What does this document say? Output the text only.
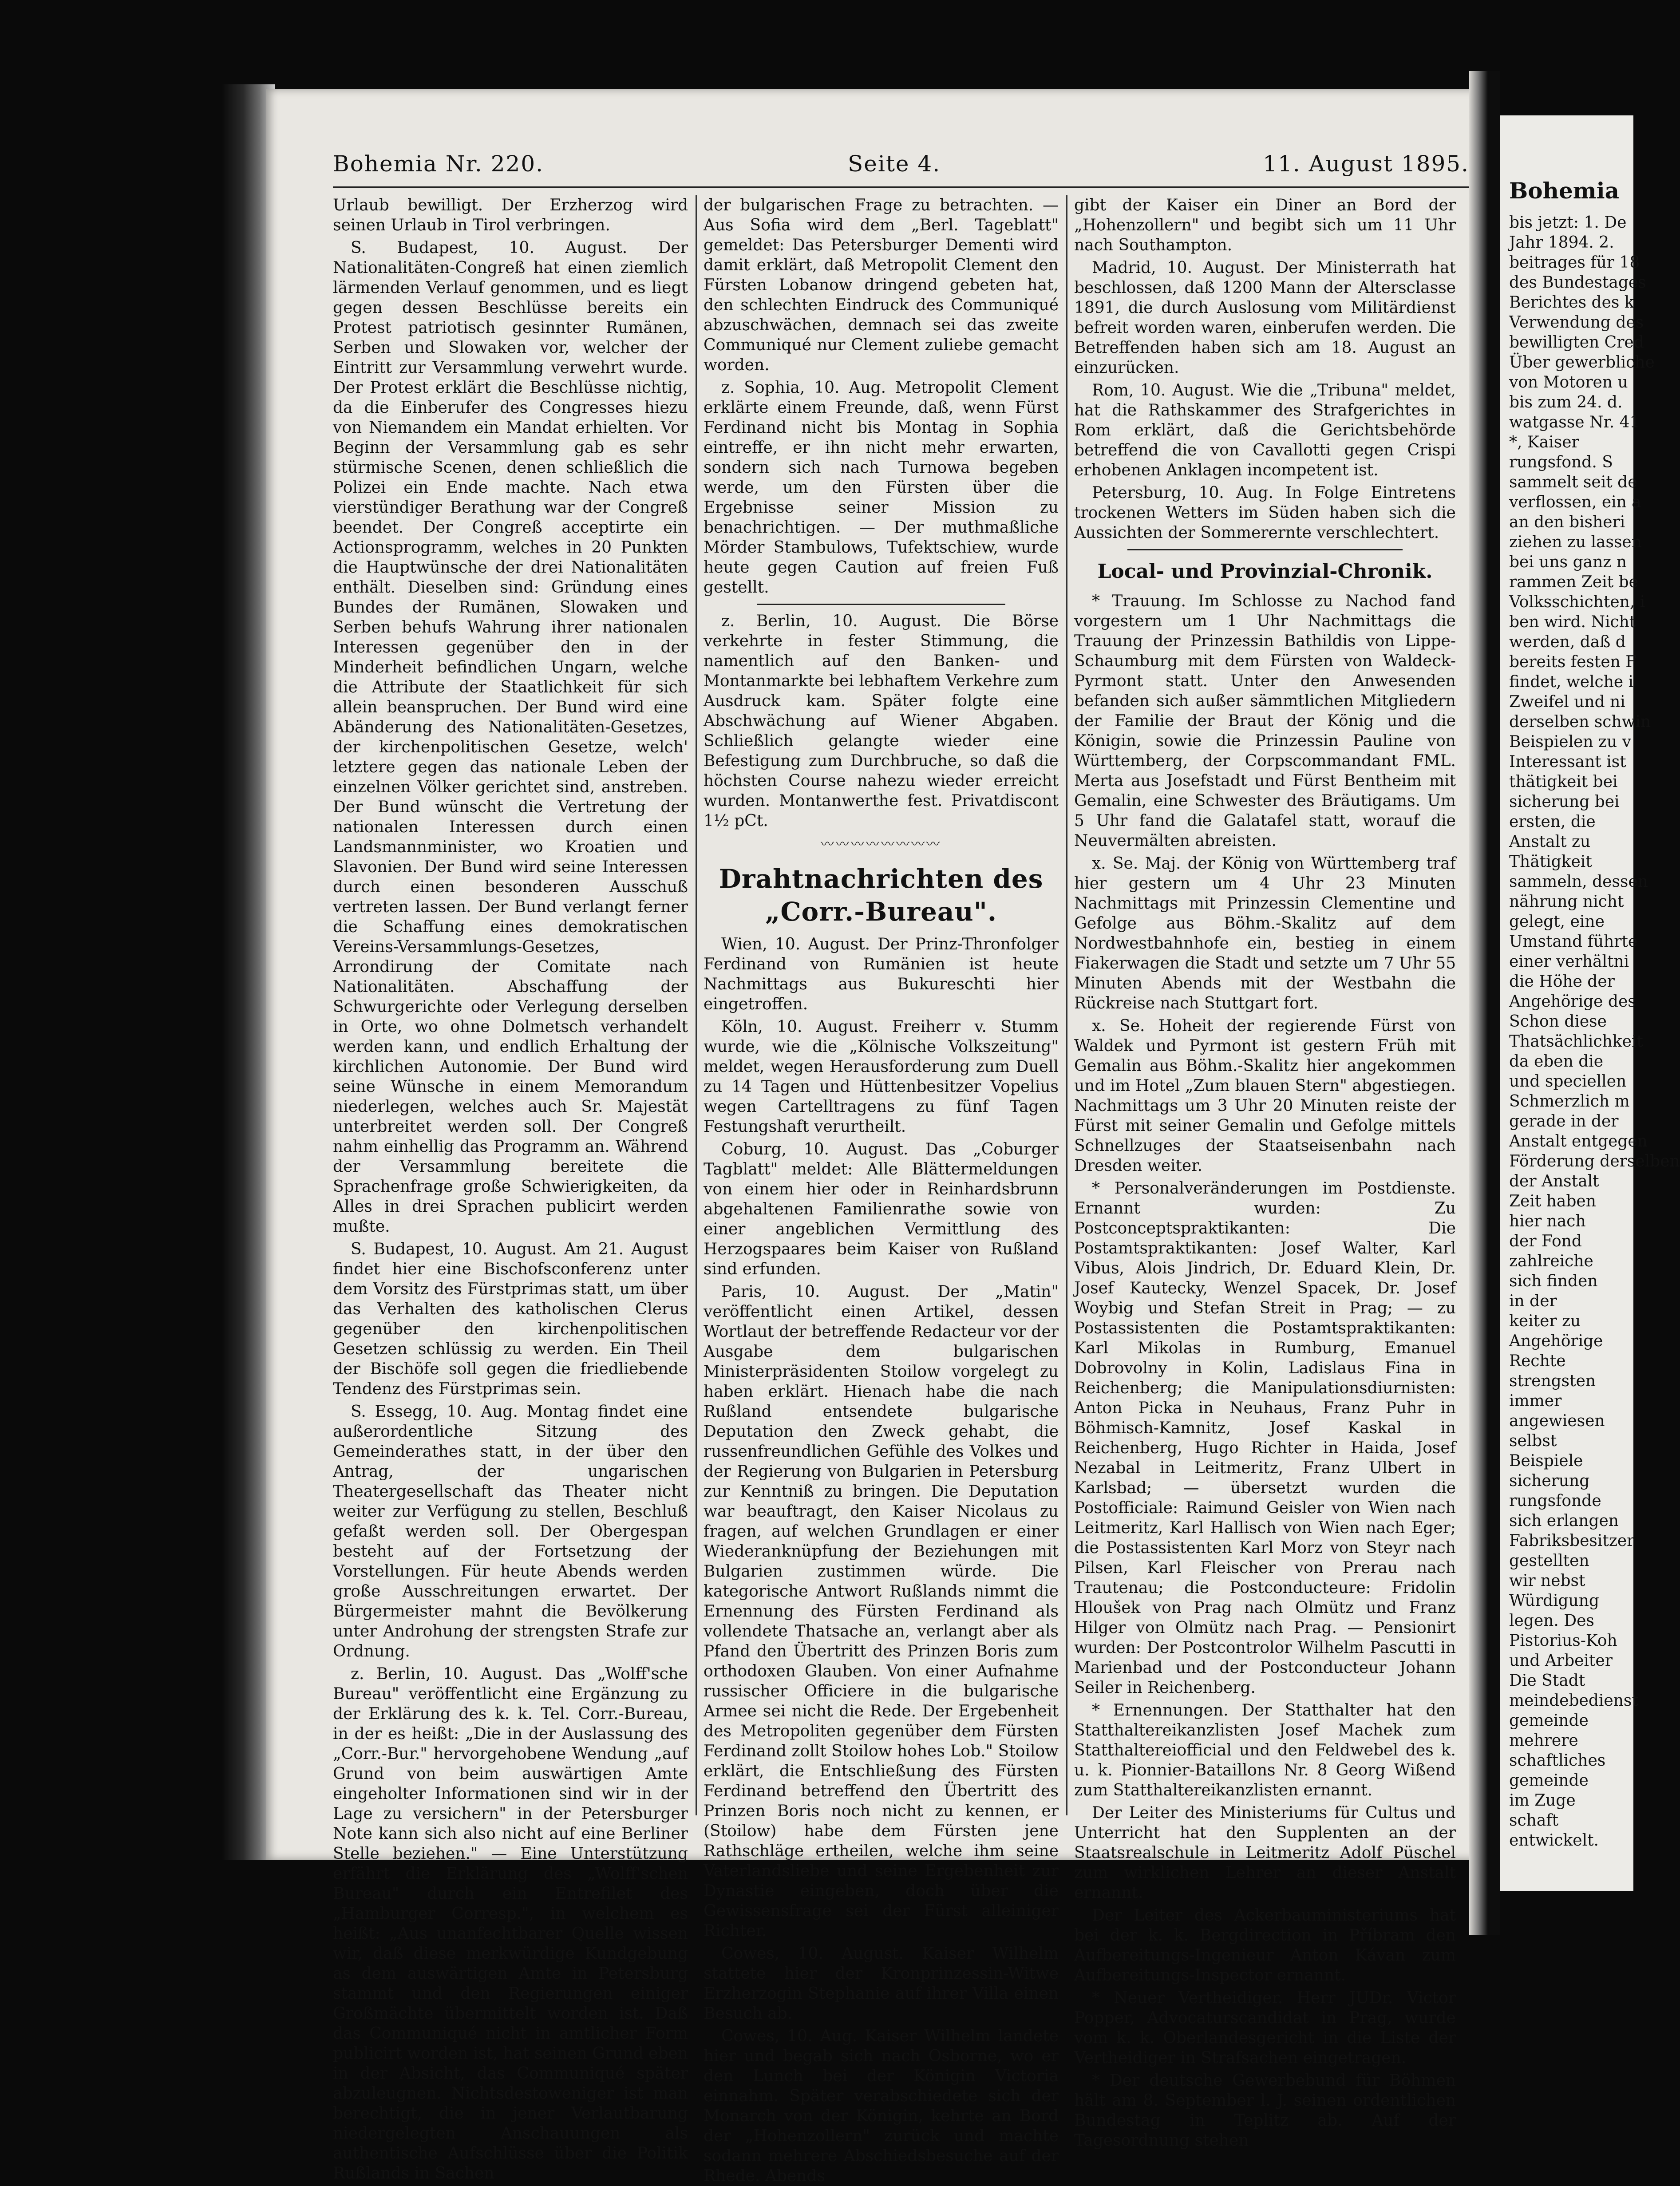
Bohemia Nr. 220.	Seite 4.	11. August 1895.

Urlaub bewilligt. Der Erzherzog wird seinen Urlaub in Tirol verbringen.

S. Budapest, 10. August. Der Nationalitäten-Congreß hat einen ziemlich lärmenden Verlauf genommen, und es liegt gegen dessen Beschlüsse bereits ein Protest patriotisch gesinnter Rumänen, Serben und Slowaken vor, welcher der Eintritt zur Versammlung verwehrt wurde. Der Protest erklärt die Beschlüsse nichtig, da die Einberufer des Congresses hiezu von Niemandem ein Mandat erhielten. Vor Beginn der Versammlung gab es sehr stürmische Scenen, denen schließlich die Polizei ein Ende machte. Nach etwa vierstündiger Berathung war der Congreß beendet. Der Congreß acceptirte ein Actionsprogramm, welches in 20 Punkten die Hauptwünsche der drei Nationalitäten enthält. Dieselben sind: Gründung eines Bundes der Rumänen, Slowaken und Serben behufs Wahrung ihrer nationalen Interessen gegenüber den in der Minderheit befindlichen Ungarn, welche die Attribute der Staatlichkeit für sich allein beanspruchen. Der Bund wird eine Abänderung des Nationalitäten-Gesetzes, der kirchenpolitischen Gesetze, welch' letztere gegen das nationale Leben der einzelnen Völker gerichtet sind, anstreben. Der Bund wünscht die Vertretung der nationalen Interessen durch einen Landsmannminister, wo Kroatien und Slavonien. Der Bund wird seine Interessen durch einen besonderen Ausschuß vertreten lassen. Der Bund verlangt ferner die Schaffung eines demokratischen Vereins-Versammlungs-Gesetzes, Arrondirung der Comitate nach Nationalitäten. Abschaffung der Schwurgerichte oder Verlegung derselben in Orte, wo ohne Dolmetsch verhandelt werden kann, und endlich Erhaltung der kirchlichen Autonomie. Der Bund wird seine Wünsche in einem Memorandum niederlegen, welches auch Sr. Majestät unterbreitet werden soll. Der Congreß nahm einhellig das Programm an. Während der Versammlung bereitete die Sprachenfrage große Schwierigkeiten, da Alles in drei Sprachen publicirt werden mußte.

S. Budapest, 10. August. Am 21. August findet hier eine Bischofsconferenz unter dem Vorsitz des Fürstprimas statt, um über das Verhalten des katholischen Clerus gegenüber den kirchenpolitischen Gesetzen schlüssig zu werden. Ein Theil der Bischöfe soll gegen die friedliebende Tendenz des Fürstprimas sein.

S. Essegg, 10. Aug. Montag findet eine außerordentliche Sitzung des Gemeinderathes statt, in der über den Antrag, der ungarischen Theatergesellschaft das Theater nicht weiter zur Verfügung zu stellen, Beschluß gefaßt werden soll. Der Obergespan besteht auf der Fortsetzung der Vorstellungen. Für heute Abends werden große Ausschreitungen erwartet. Der Bürgermeister mahnt die Bevölkerung unter Androhung der strengsten Strafe zur Ordnung.

z. Berlin, 10. August. Das „Wolff'sche Bureau" veröffentlicht eine Ergänzung zu der Erklärung des k. k. Tel. Corr.-Bureau, in der es heißt: „Die in der Auslassung des „Corr.-Bur." hervorgehobene Wendung „auf Grund von beim auswärtigen Amte eingeholter Informationen sind wir in der Lage zu versichern" in der Petersburger Note kann sich also nicht auf eine Berliner Stelle beziehen." — Eine Unterstützung erfährt die Erklärung des „Wolff'schen Bureau" durch ein Entrefilet des „Hamburger Corresp.", in welchem es heißt: „Aus unanfechtbarer Quelle wissen wir, daß diese merkwürdige Kundgebung as dem auswärtigen Amte in Petersburg stammt und den Regierungen einiger Großmächte übermittelt worden ist. Daß das Communiqué nicht in amtlicher Form publicirt worden ist, hat seinen Grund eben in der Absicht, das Communiqué später abzuleugnen. Nichtsdestoweniger ist man berechtigt, die in jener Verlautbarung niedergelegten Anschauungen als authentische Aufschlüsse über die Politik Rußlands in Sachen

der bulgarischen Frage zu betrachten. — Aus Sofia wird dem „Berl. Tageblatt" gemeldet: Das Petersburger Dementi wird damit erklärt, daß Metropolit Clement den Fürsten Lobanow dringend gebeten hat, den schlechten Eindruck des Communiqué abzuschwächen, demnach sei das zweite Communiqué nur Clement zuliebe gemacht worden.

z. Sophia, 10. Aug. Metropolit Clement erklärte einem Freunde, daß, wenn Fürst Ferdinand nicht bis Montag in Sophia eintreffe, er ihn nicht mehr erwarten, sondern sich nach Turnowa begeben werde, um den Fürsten über die Ergebnisse seiner Mission zu benachrichtigen. — Der muthmaßliche Mörder Stambulows, Tufektschiew, wurde heute gegen Caution auf freien Fuß gestellt.

z. Berlin, 10. August. Die Börse verkehrte in fester Stimmung, die namentlich auf den Banken- und Montanmarkte bei lebhaftem Verkehre zum Ausdruck kam. Später folgte eine Abschwächung auf Wiener Abgaben. Schließlich gelangte wieder eine Befestigung zum Durchbruche, so daß die höchsten Course nahezu wieder erreicht wurden. Montanwerthe fest. Privatdiscont 1½ pCt.

〰〰〰〰〰〰〰〰
Drahtnachrichten des „Corr.-Bureau".

Wien, 10. August. Der Prinz-Thronfolger Ferdinand von Rumänien ist heute Nachmittags aus Bukureschti hier eingetroffen.

Köln, 10. August. Freiherr v. Stumm wurde, wie die „Kölnische Volkszeitung" meldet, wegen Herausforderung zum Duell zu 14 Tagen und Hüttenbesitzer Vopelius wegen Cartelltragens zu fünf Tagen Festungshaft verurtheilt.

Coburg, 10. August. Das „Coburger Tagblatt" meldet: Alle Blättermeldungen von einem hier oder in Reinhardsbrunn abgehaltenen Familienrathe sowie von einer angeblichen Vermittlung des Herzogspaares beim Kaiser von Rußland sind erfunden.

Paris, 10. August. Der „Matin" veröffentlicht einen Artikel, dessen Wortlaut der betreffende Redacteur vor der Ausgabe dem bulgarischen Ministerpräsidenten Stoilow vorgelegt zu haben erklärt. Hienach habe die nach Rußland entsendete bulgarische Deputation den Zweck gehabt, die russenfreundlichen Gefühle des Volkes und der Regierung von Bulgarien in Petersburg zur Kenntniß zu bringen. Die Deputation war beauftragt, den Kaiser Nicolaus zu fragen, auf welchen Grundlagen er einer Wiederanknüpfung der Beziehungen mit Bulgarien zustimmen würde. Die kategorische Antwort Rußlands nimmt die Ernennung des Fürsten Ferdinand als vollendete Thatsache an, verlangt aber als Pfand den Übertritt des Prinzen Boris zum orthodoxen Glauben. Von einer Aufnahme russischer Officiere in die bulgarische Armee sei nicht die Rede. Der Ergebenheit des Metropoliten gegenüber dem Fürsten Ferdinand zollt Stoilow hohes Lob." Stoilow erklärt, die Entschließung des Fürsten Ferdinand betreffend den Übertritt des Prinzen Boris noch nicht zu kennen, er (Stoilow) habe dem Fürsten jene Rathschläge ertheilen, welche ihm seine Vaterlandsliebe und seine Ergebenheit zur Dynastie eingeben, doch über die Gewissensfrage sei der Fürst alleiniger Richter.

Cowes, 10. August. Kaiser Wilhelm stattete hier der Kronprinzessin-Witwe Erzherzogin Stephanie auf ihrer Villa einen Besuch ab.

Cowes, 10. Aug. Kaiser Wilhelm landete hier und begab sich nach Osborne, wo er den Lunch bei der Königin Victoria einnahm. Später verabschiedete sich der Monarch von der Königin, kehrte an Bord der „Hohenzollern" zurück und machte sodann mehrere Abschiedsbesuche auf der Rhede. Abends

gibt der Kaiser ein Diner an Bord der „Hohenzollern" und begibt sich um 11 Uhr nach Southampton.

Madrid, 10. August. Der Ministerrath hat beschlossen, daß 1200 Mann der Altersclasse 1891, die durch Auslosung vom Militärdienst befreit worden waren, einberufen werden. Die Betreffenden haben sich am 18. August an einzurücken.

Rom, 10. August. Wie die „Tribuna" meldet, hat die Rathskammer des Strafgerichtes in Rom erklärt, daß die Gerichtsbehörde betreffend die von Cavallotti gegen Crispi erhobenen Anklagen incompetent ist.

Petersburg, 10. Aug. In Folge Eintretens trockenen Wetters im Süden haben sich die Aussichten der Sommerernte verschlechtert.

Local- und Provinzial-Chronik.

* Trauung. Im Schlosse zu Nachod fand vorgestern um 1 Uhr Nachmittags die Trauung der Prinzessin Bathildis von Lippe-Schaumburg mit dem Fürsten von Waldeck-Pyrmont statt. Unter den Anwesenden befanden sich außer sämmtlichen Mitgliedern der Familie der Braut der König und die Königin, sowie die Prinzessin Pauline von Württemberg, der Corpscommandant FML. Merta aus Josefstadt und Fürst Bentheim mit Gemalin, eine Schwester des Bräutigams. Um 5 Uhr fand die Galatafel statt, worauf die Neuvermälten abreisten.

x. Se. Maj. der König von Württemberg traf hier gestern um 4 Uhr 23 Minuten Nachmittags mit Prinzessin Clementine und Gefolge aus Böhm.-Skalitz auf dem Nordwestbahnhofe ein, bestieg in einem Fiakerwagen die Stadt und setzte um 7 Uhr 55 Minuten Abends mit der Westbahn die Rückreise nach Stuttgart fort.

x. Se. Hoheit der regierende Fürst von Waldek und Pyrmont ist gestern Früh mit Gemalin aus Böhm.-Skalitz hier angekommen und im Hotel „Zum blauen Stern" abgestiegen. Nachmittags um 3 Uhr 20 Minuten reiste der Fürst mit seiner Gemalin und Gefolge mittels Schnellzuges der Staatseisenbahn nach Dresden weiter.

* Personalveränderungen im Postdienste. Ernannt wurden: Zu Postconceptspraktikanten: Die Postamtspraktikanten: Josef Walter, Karl Vibus, Alois Jindrich, Dr. Eduard Klein, Dr. Josef Kautecky, Wenzel Spacek, Dr. Josef Woybig und Stefan Streit in Prag; — zu Postassistenten die Postamtspraktikanten: Karl Mikolas in Rumburg, Emanuel Dobrovolny in Kolin, Ladislaus Fina in Reichenberg; die Manipulationsdiurnisten: Anton Picka in Neuhaus, Franz Puhr in Böhmisch-Kamnitz, Josef Kaskal in Reichenberg, Hugo Richter in Haida, Josef Nezabal in Leitmeritz, Franz Ulbert in Karlsbad; — übersetzt wurden die Postofficiale: Raimund Geisler von Wien nach Leitmeritz, Karl Hallisch von Wien nach Eger; die Postassistenten Karl Morz von Steyr nach Pilsen, Karl Fleischer von Prerau nach Trautenau; die Postconducteure: Fridolin Hloušek von Prag nach Olmütz und Franz Hilger von Olmütz nach Prag. — Pensionirt wurden: Der Postcontrolor Wilhelm Pascutti in Marienbad und der Postconducteur Johann Seiler in Reichenberg.

* Ernennungen. Der Statthalter hat den Statthaltereikanzlisten Josef Machek zum Statthaltereiofficial und den Feldwebel des k. u. k. Pionnier-Bataillons Nr. 8 Georg Wißend zum Statthaltereikanzlisten ernannt.

Der Leiter des Ministeriums für Cultus und Unterricht hat den Supplenten an der Staatsrealschule in Leitmeritz Adolf Püschel zum wirklichen Lehrer an dieser Anstalt ernannt.

Der Leiter des Ackerbauministeriums hat bei der k. k. Bergdirection in Příbram den Aufbereitungs-Ingenieur Anton Kávan zum Aufbereitungs-Inspector ernannt.

* Neuer Vertheidiger. Herr JUDr. Victor Popper, Advocaturscandidat in Prag, wurde vom k. k. Oberlandesgericht in die Liste der Vertheidiger in Strafsachen eingetragen.

* Der deutsche Gewerbebund für Böhmen hält am 8. September l. J. seinen ordentlichen Bundestag in Teplitz ab. Auf der Tagesordnung stehen

Bohemia
bis jetzt: 1. De
Jahr 1894. 2.
beitrages für 18
des Bundestages
Berichtes des k
Verwendung des
bewilligten Cred
Über gewerbliche
von Motoren u
bis zum 24. d.
watgasse Nr. 41
*, Kaiser
rungsfond. S
sammelt seit de
verflossen, ein a
an den bisheri
ziehen zu lassen
bei uns ganz n
rammen Zeit be
Volksschichten, i
ben wird. Nicht
werden, daß d
bereits festen F
findet, welche i
Zweifel und ni
derselben schwin
Beispielen zu v
Interessant ist
thätigkeit bei
sicherung bei
ersten, die
Anstalt zu
Thätigkeit
sammeln, dessen
nährung nicht
gelegt, eine
Umstand führte
einer verhältni
die Höhe der
Angehörige des
Schon diese
Thatsächlichkeit
da eben die
und speciellen
Schmerzlich m
gerade in der
Anstalt entgegen
Förderung derselben
der Anstalt
Zeit haben
hier nach
der Fond
zahlreiche
sich finden
in der
keiter zu
Angehörige
Rechte
strengsten
immer
angewiesen
selbst
Beispiele
sicherung
rungsfonde
sich erlangen
Fabriksbesitzer
gestellten
wir nebst
Würdigung
legen. Des
Pistorius-Koh
und Arbeiter
Die Stadt
meindebedienst
gemeinde
mehrere
schaftliches
gemeinde
im Zuge
schaft
entwickelt.
